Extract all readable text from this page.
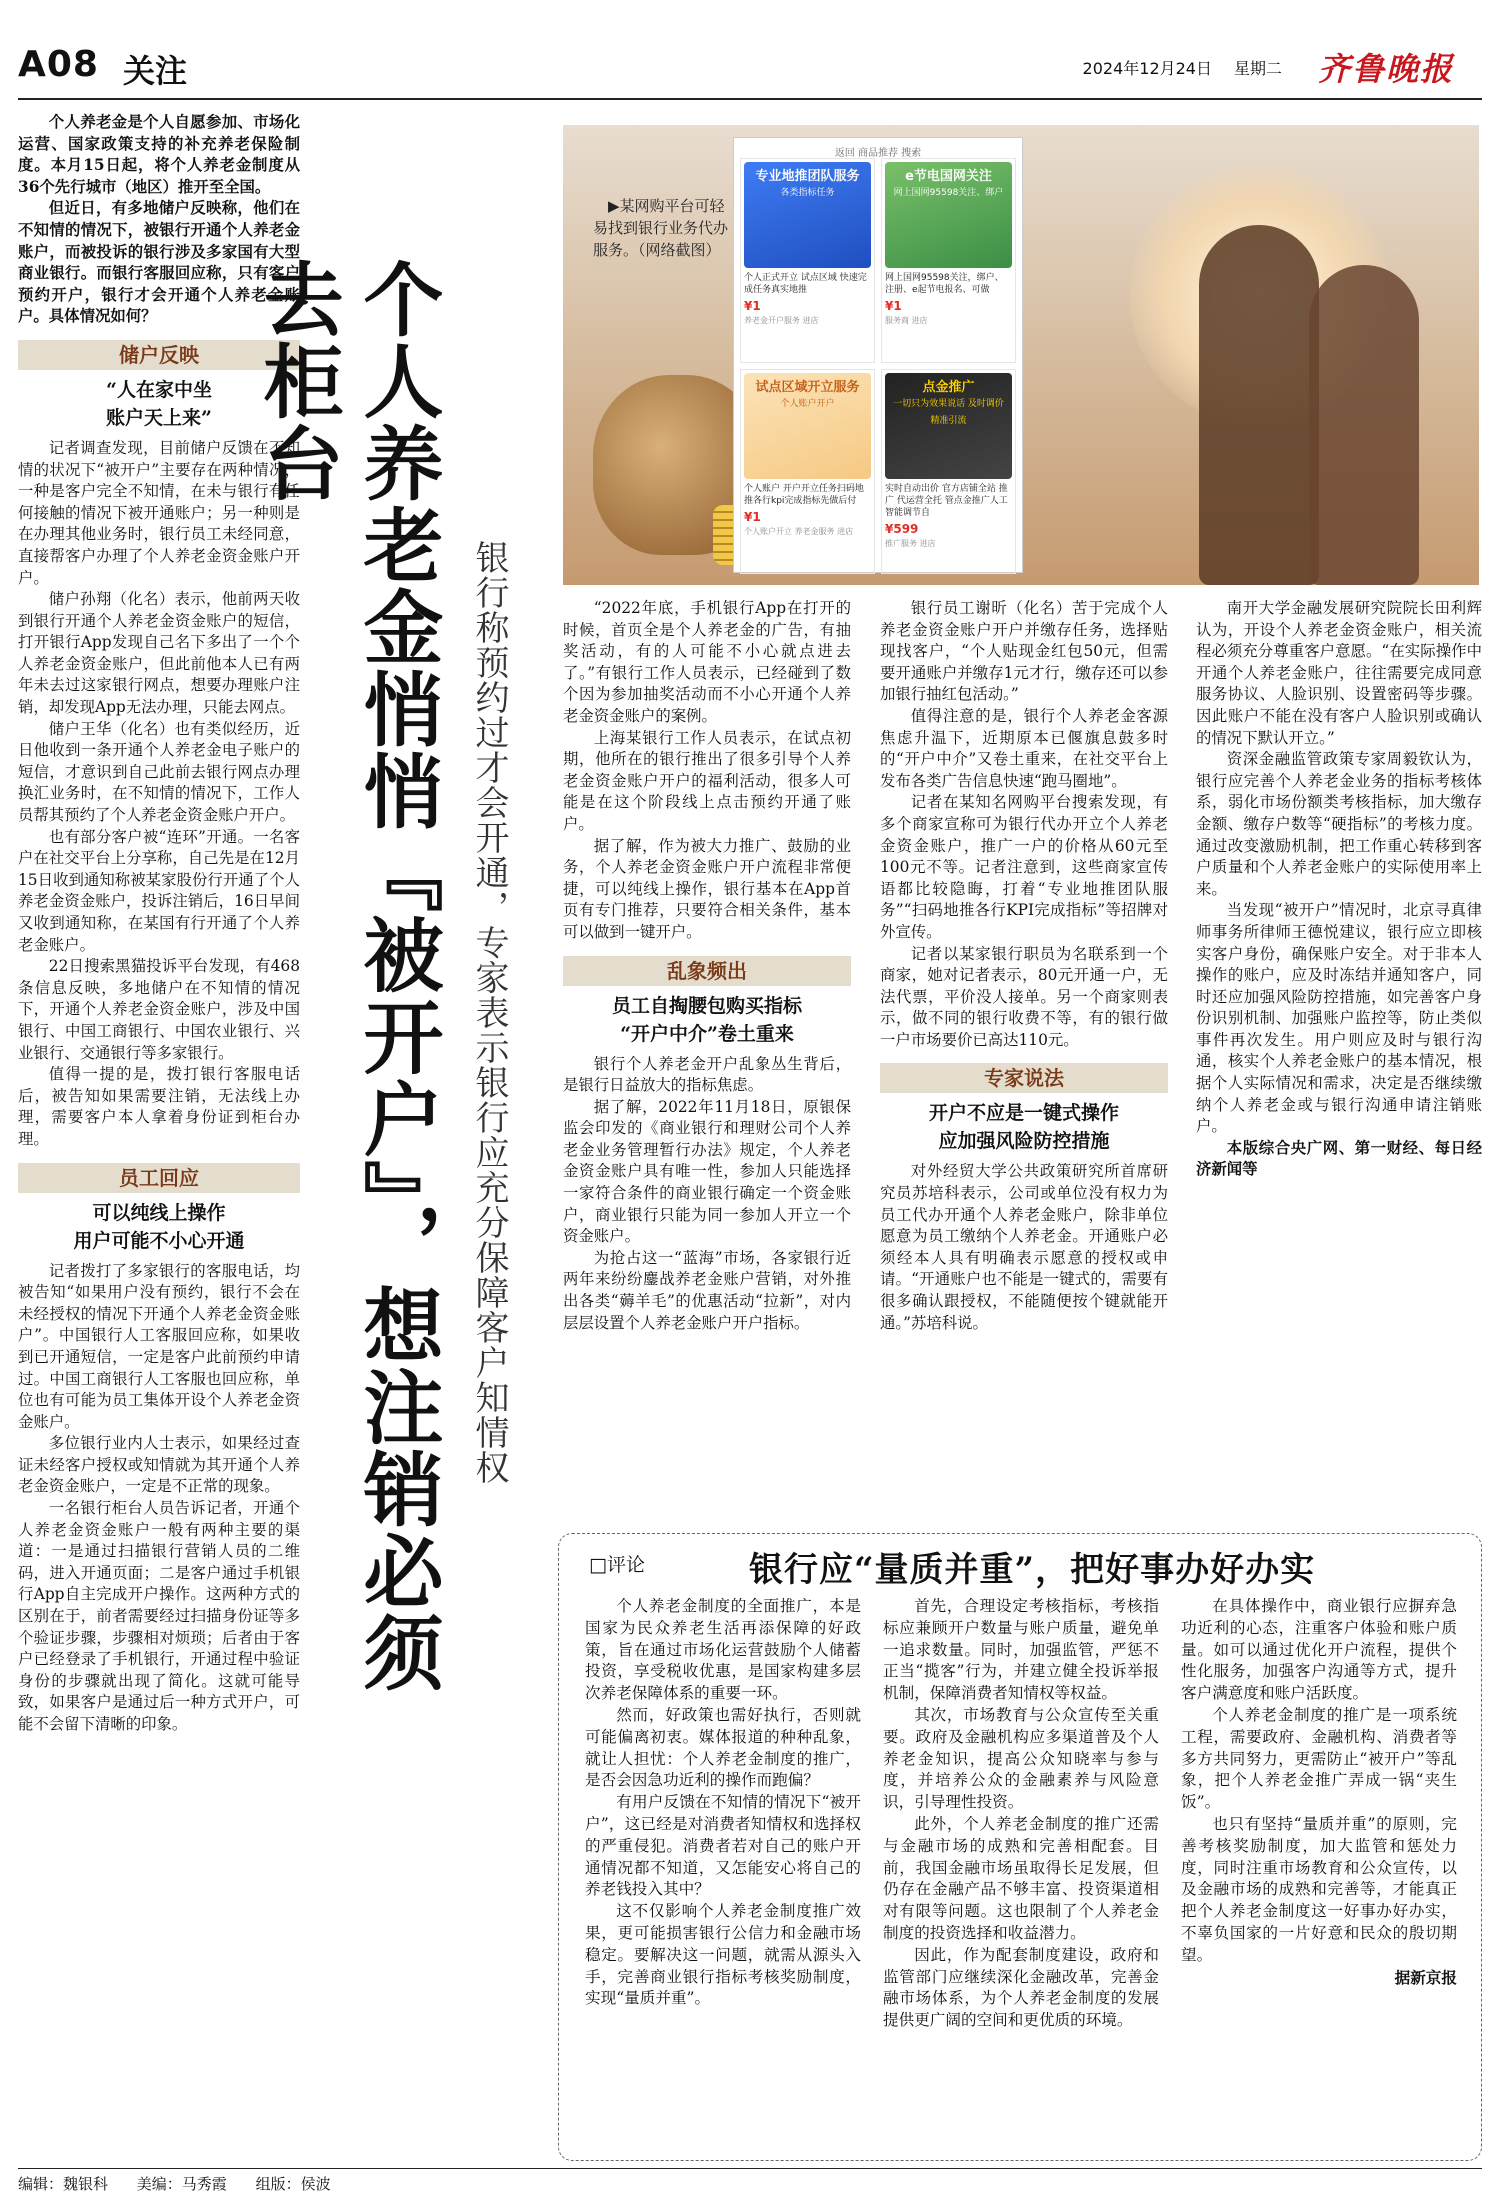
A08 关注	2024年12月24日 星期二 齐鲁晚报

个人养老金是个人自愿参加、市场化运营、国家政策支持的补充养老保险制度。本月15日起，将个人养老金制度从36个先行城市（地区）推开至全国。

但近日，有多地储户反映称，他们在不知情的情况下，被银行开通个人养老金账户，而被投诉的银行涉及多家国有大型商业银行。而银行客服回应称，只有客户预约开户，银行才会开通个人养老金账户。具体情况如何？

储户反映
“人在家中坐
账户天上来”

记者调查发现，目前储户反馈在不知情的状况下“被开户”主要存在两种情况，一种是客户完全不知情，在未与银行有任何接触的情况下被开通账户；另一种则是在办理其他业务时，银行员工未经同意，直接帮客户办理了个人养老金资金账户开户。

储户孙翔（化名）表示，他前两天收到银行开通个人养老金资金账户的短信，打开银行App发现自己名下多出了一个个人养老金资金账户，但此前他本人已有两年未去过这家银行网点，想要办理账户注销，却发现App无法办理，只能去网点。

储户王华（化名）也有类似经历，近日他收到一条开通个人养老金电子账户的短信，才意识到自己此前去银行网点办理换汇业务时，在不知情的情况下，工作人员帮其预约了个人养老金资金账户开户。

也有部分客户被“连环”开通。一名客户在社交平台上分享称，自己先是在12月15日收到通知称被某家股份行开通了个人养老金资金账户，投诉注销后，16日早间又收到通知称，在某国有行开通了个人养老金账户。

22日搜索黑猫投诉平台发现，有468条信息反映，多地储户在不知情的情况下，开通个人养老金资金账户，涉及中国银行、中国工商银行、中国农业银行、兴业银行、交通银行等多家银行。

值得一提的是，拨打银行客服电话后，被告知如果需要注销，无法线上办理，需要客户本人拿着身份证到柜台办理。

员工回应
可以纯线上操作
用户可能不小心开通

记者拨打了多家银行的客服电话，均被告知“如果用户没有预约，银行不会在未经授权的情况下开通个人养老金资金账户”。中国银行人工客服回应称，如果收到已开通短信，一定是客户此前预约申请过。中国工商银行人工客服也回应称，单位也有可能为员工集体开设个人养老金资金账户。

多位银行业内人士表示，如果经过查证未经客户授权或知情就为其开通个人养老金资金账户，一定是不正常的现象。

一名银行柜台人员告诉记者，开通个人养老金资金账户一般有两种主要的渠道：一是通过扫描银行营销人员的二维码，进入开通页面；二是客户通过手机银行App自主完成开户操作。这两种方式的区别在于，前者需要经过扫描身份证等多个验证步骤，步骤相对烦琐；后者由于客户已经登录了手机银行，开通过程中验证身份的步骤就出现了简化。这就可能导致，如果客户是通过后一种方式开户，可能不会留下清晰的印象。

个人养老金悄悄『被开户』，想注销必须去柜台
银行称预约过才会开通，专家表示银行应充分保障客户知情权
▶某网购平台可轻易找到银行业务代办服务。（网络截图）
返回 商品推荐 搜索
专业地推团队服务
各类指标任务
个人正式开立 试点区域 快速完成任务真实地推
¥1
养老金开户服务 进店
e节电国网关注
网上国网95598关注、绑户
网上国网95598关注，绑户、注册、e起节电报名、可做
¥1
服务商 进店
试点区域开立服务
个人账户开户
个人账户 开户开立任务扫码地推各行kpi完成指标先做后付
¥1
个人账户开立 养老金服务 进店
点金推广
一切只为效果说话 及时调价 精准引流
实时自动出价 官方店铺全站 推广 代运营全托 管点金推广人工智能调节自
¥599
推广服务 进店

“2022年底，手机银行App在打开的时候，首页全是个人养老金的广告，有抽奖活动，有的人可能不小心就点进去了。”有银行工作人员表示，已经碰到了数个因为参加抽奖活动而不小心开通个人养老金资金账户的案例。

上海某银行工作人员表示，在试点初期，他所在的银行推出了很多引导个人养老金资金账户开户的福利活动，很多人可能是在这个阶段线上点击预约开通了账户。

据了解，作为被大力推广、鼓励的业务，个人养老金资金账户开户流程非常便捷，可以纯线上操作，银行基本在App首页有专门推荐，只要符合相关条件，基本可以做到一键开户。

乱象频出
员工自掏腰包购买指标
“开户中介”卷土重来

银行个人养老金开户乱象丛生背后，是银行日益放大的指标焦虑。

据了解，2022年11月18日，原银保监会印发的《商业银行和理财公司个人养老金业务管理暂行办法》规定，个人养老金资金账户具有唯一性，参加人只能选择一家符合条件的商业银行确定一个资金账户，商业银行只能为同一参加人开立一个资金账户。

为抢占这一“蓝海”市场，各家银行近两年来纷纷鏖战养老金账户营销，对外推出各类“薅羊毛”的优惠活动“拉新”，对内层层设置个人养老金账户开户指标。

银行员工谢昕（化名）苦于完成个人养老金资金账户开户并缴存任务，选择贴现找客户，“个人贴现金红包50元，但需要开通账户并缴存1元才行，缴存还可以参加银行抽红包活动。”

值得注意的是，银行个人养老金客源焦虑升温下，近期原本已偃旗息鼓多时的“开户中介”又卷土重来，在社交平台上发布各类广告信息快速“跑马圈地”。

记者在某知名网购平台搜索发现，有多个商家宣称可为银行代办开立个人养老金资金账户，推广一户的价格从60元至100元不等。记者注意到，这些商家宣传语都比较隐晦，打着“专业地推团队服务”“扫码地推各行KPI完成指标”等招牌对外宣传。

记者以某家银行职员为名联系到一个商家，她对记者表示，80元开通一户，无法代票，平价没人接单。另一个商家则表示，做不同的银行收费不等，有的银行做一户市场要价已高达110元。

专家说法
开户不应是一键式操作
应加强风险防控措施

对外经贸大学公共政策研究所首席研究员苏培科表示，公司或单位没有权力为员工代办开通个人养老金账户，除非单位愿意为员工缴纳个人养老金。开通账户必须经本人具有明确表示愿意的授权或申请。“开通账户也不能是一键式的，需要有很多确认跟授权，不能随便按个键就能开通。”苏培科说。

南开大学金融发展研究院院长田利辉认为，开设个人养老金资金账户，相关流程必须充分尊重客户意愿。“在实际操作中开通个人养老金账户，往往需要完成同意服务协议、人脸识别、设置密码等步骤。因此账户不能在没有客户人脸识别或确认的情况下默认开立。”

资深金融监管政策专家周毅钦认为，银行应完善个人养老金业务的指标考核体系，弱化市场份额类考核指标，加大缴存金额、缴存户数等“硬指标”的考核力度。通过改变激励机制，把工作重心转移到客户质量和个人养老金账户的实际使用率上来。

当发现“被开户”情况时，北京寻真律师事务所律师王德悦建议，银行应立即核实客户身份，确保账户安全。对于非本人操作的账户，应及时冻结并通知客户，同时还应加强风险防控措施，如完善客户身份识别机制、加强账户监控等，防止类似事件再次发生。用户则应及时与银行沟通，核实个人养老金账户的基本情况，根据个人实际情况和需求，决定是否继续缴纳个人养老金或与银行沟通申请注销账户。

本版综合央广网、第一财经、每日经济新闻等

□评论	银行应“量质并重”，把好事办好办实

个人养老金制度的全面推广，本是国家为民众养老生活再添保障的好政策，旨在通过市场化运营鼓励个人储蓄投资，享受税收优惠，是国家构建多层次养老保障体系的重要一环。

然而，好政策也需好执行，否则就可能偏离初衷。媒体报道的种种乱象，就让人担忧：个人养老金制度的推广，是否会因急功近利的操作而跑偏？

有用户反馈在不知情的情况下“被开户”，这已经是对消费者知情权和选择权的严重侵犯。消费者若对自己的账户开通情况都不知道，又怎能安心将自己的养老钱投入其中？

这不仅影响个人养老金制度推广效果，更可能损害银行公信力和金融市场稳定。要解决这一问题，就需从源头入手，完善商业银行指标考核奖励制度，实现“量质并重”。

首先，合理设定考核指标，考核指标应兼顾开户数量与账户质量，避免单一追求数量。同时，加强监管，严惩不正当“揽客”行为，并建立健全投诉举报机制，保障消费者知情权等权益。

其次，市场教育与公众宣传至关重要。政府及金融机构应多渠道普及个人养老金知识，提高公众知晓率与参与度，并培养公众的金融素养与风险意识，引导理性投资。

此外，个人养老金制度的推广还需与金融市场的成熟和完善相配套。目前，我国金融市场虽取得长足发展，但仍存在金融产品不够丰富、投资渠道相对有限等问题。这也限制了个人养老金制度的投资选择和收益潜力。

因此，作为配套制度建设，政府和监管部门应继续深化金融改革，完善金融市场体系，为个人养老金制度的发展提供更广阔的空间和更优质的环境。

在具体操作中，商业银行应摒弃急功近利的心态，注重客户体验和账户质量。如可以通过优化开户流程，提供个性化服务，加强客户沟通等方式，提升客户满意度和账户活跃度。

个人养老金制度的推广是一项系统工程，需要政府、金融机构、消费者等多方共同努力，更需防止“被开户”等乱象，把个人养老金推广弄成一锅“夹生饭”。

也只有坚持“量质并重”的原则，完善考核奖励制度，加大监管和惩处力度，同时注重市场教育和公众宣传，以及金融市场的成熟和完善等，才能真正把个人养老金制度这一好事办好办实，不辜负国家的一片好意和民众的殷切期望。

据新京报

编辑：魏银科 美编：马秀霞 组版：侯波
